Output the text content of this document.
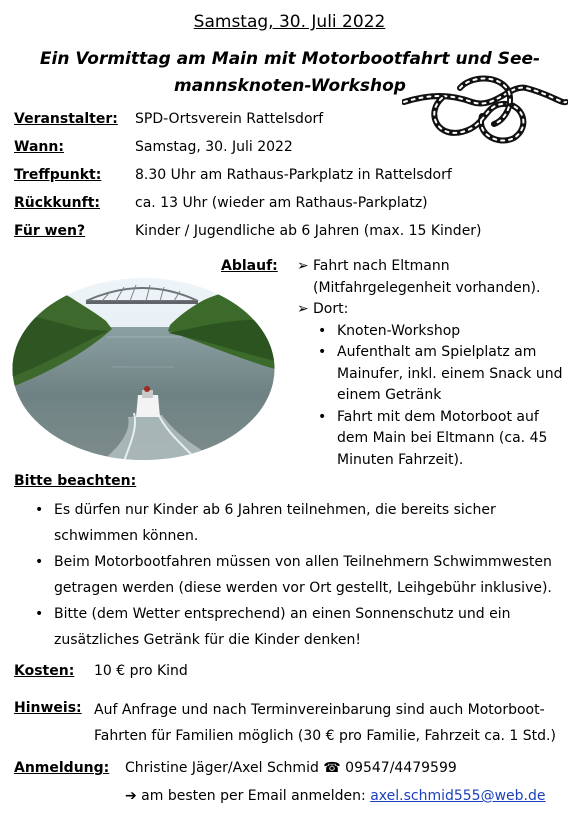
Samstag, 30. Juli 2022
Ein Vormittag am Main mit Motorbootfahrt und See-mannsknoten-Workshop
Veranstalter: SPD-Ortsverein Rattelsdorf
Wann:	Samstag, 30. Juli 2022
Treffpunkt: 8.30 Uhr am Rathaus-Parkplatz in Rattelsdorf
Rückkunft:	ca. 13 Uhr (wieder am Rathaus-Parkplatz)
Für wen?	Kinder / Jugendliche ab 6 Jahren (max. 15 Kinder)
Ablauf:
➢	Fahrt nach Eltmann (Mitfahrgelegenheit vorhanden).
➢ Dort:
• Knoten-Workshop
• Aufenthalt am Spielplatz am Mainufer, inkl. einem Snack und einem Getränk
• Fahrt mit dem Motorboot auf dem Main bei Eltmann (ca. 45 Minuten Fahrzeit).
Bitte beachten:
• Es dürfen nur Kinder ab 6 Jahren teilnehmen, die bereits sicher schwimmen können.
• Beim Motorbootfahren müssen von allen Teilnehmern Schwimmwesten getragen werden (diese werden vor Ort gestellt, Leihgebühr inklusive).
• Bitte (dem Wetter entsprechend) an einen Sonnenschutz und ein zusätzliches Getränk für die Kinder denken!
Kosten: 10 € pro Kind
Hinweis: Auf Anfrage und nach Terminvereinbarung sind auch Motorboot-Fahrten für Familien möglich (30 € pro Familie, Fahrzeit ca. 1 Std.)
Anmeldung: Christine Jäger/Axel Schmid ☎ 09547/4479599
➔ am besten per Email anmelden: axel.schmid555@web.de
